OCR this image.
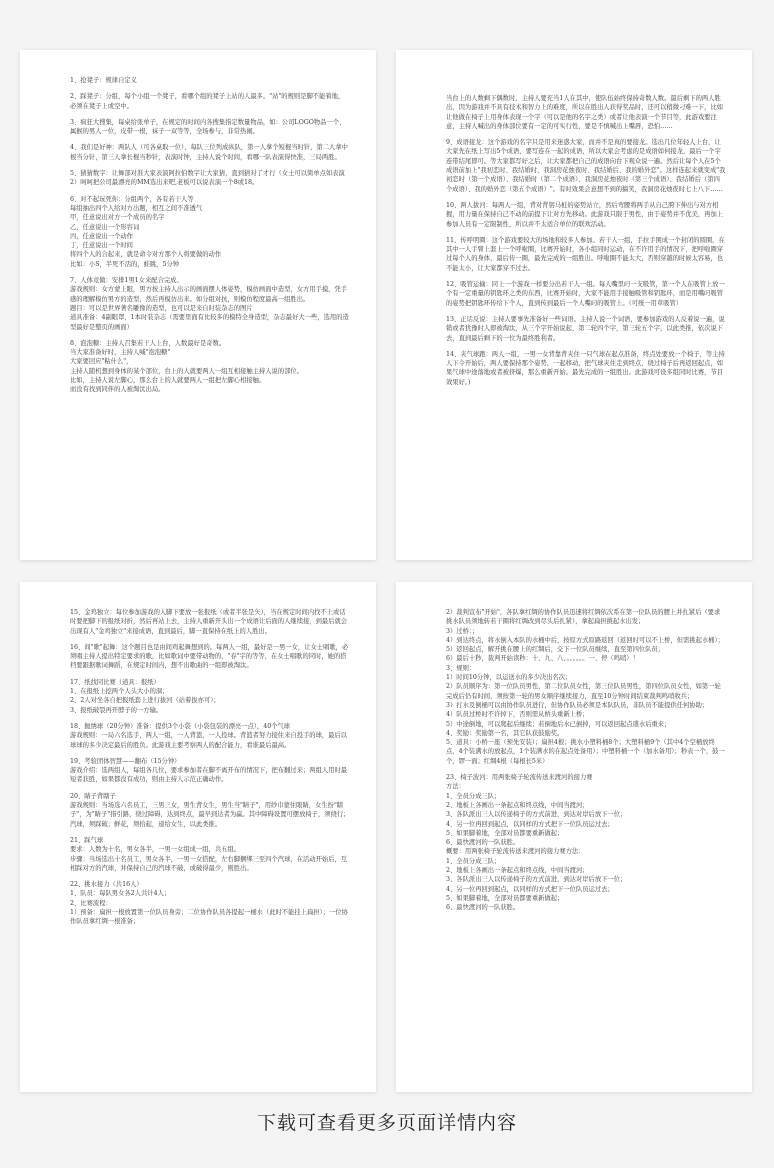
1、抢凳子：规律自定义

2、踩凳子：分组，每个小组一个凳子，看哪个组的凳子上站的人最多。"站"的规则是脚不能着地，必须在凳子上或空中。

3、疯狂大搜集，每桌给张单子，在规定的时间内各搜集指定数量物品，如：公司LOGO物品一个，属猴的男人一位，皮带一根，袜子一双等等，全场参与，非常热闹。

4、我们是好神：两队人（可各桌取一位），每队三位列成纵队，第一人拿个短棍当时针，第二人拿中根当分针，第三人拿长棍当秒针，表演时钟，主持人说个时间，看哪一队表演得快准，三局两胜。

5、猜猜数字：让舞部对准大家表演阿拉伯数字让大家猜，直到猜对了才行（女士可以简单点如表演2）呵呵把公司最漂亮的MM选出来吧,老板可以说表演一个8或18。

6、对不起玩死你：分组两个，各有若干人等
每组抽出四个人给对方出题，相互之间不准透气
甲，任意说出对方一个成员的名字
乙，任意说出一个形容词
丙，任意说出一个动作
丁，任意说出一个时间
将四个人的合起来，就是命令对方那个人将要做的动作
比如：小S，半死不活的，蛙跳，5分钟

7、人体竞做：安排1男1女来配合完成。
游戏规则：女方蒙上眼，男方按主持人出示的画面摆人体姿势，模仿画面中造型，女方用手摸，凭手感的理解模仿男方的造型，然后再模仿出来。如分组对抗，则模仿程度最高一组胜出。
题目：可以是世界著名雕像的造型，也可以是来自时装杂志的图片
道具准备：4副眼罩，1本时装杂志（需要里面有比较多的模特全身造型，杂志最好大一些，选用的造型最好是整页的画面）

8、泡泡糖：主持人召集若干人上台，人数最好是奇数。
当大家准备好时，主持人喊"泡泡糖"
大家要回应"粘什么"，
主持人随机想到身体的某个部位，台上的人就要两人一组互相接触主持人说的部位。
比如，主持人说左脚心，那么台上的人就要两人一组把左脚心相接触。
而没有找到同伴的人被淘汰出局。

当台上的人数剩下偶数时，主持人要充当1人在其中，使队伍始终保持奇数人数。最后剩下的两人胜出，因为游戏并不具有技术和智力上的难度，所以在胜出人获得奖品时，还可以稍微刁难一下，比如让他做在椅子上用身体表现一个字（可以是他的名字之类）或者让他表演一个节目等，此游戏要注意，主持人喊出的身体部位要有一定的可实行性，要是不慎喊出上嘴唇，恐怕……

9、成语接龙：这个游戏的名字只是用来迷惑大家，而并不是真的要接龙。选出几位年轻人上台，让大家先在纸上写出5个成语，要写连在一起的成语，所以大家会考虑的是成语如何接龙，最后一个字连带结尾即可。等大家都写好之后，让大家都把自己的成语向台下观众说一遍。然后让每个人在5个成语前加上"我初恋时、我结婚时、我洞房花烛夜时、我结婚后、我的婚外恋"。这样连起来就变成"我初恋时（第一个成语）、我结婚时（第二个成语）、我洞房花烛夜时（第三个成语）、我结婚后（第四个成语）、我的婚外恋（第五个成语）"。有时效果会意想不到的搞笑，我洞房花烛夜时七上八下……

10、两人拔河：每两人一组，背对背躬马桩的姿势站立，然后弯腰将两手从自己胯下伸出与对方相握，用力量在保持自己不动的前提下让对方先移动。此游戏只限于男性，由于姿势并不优美，再加上参加人员有一定限制性，所以并不太适合单位的联欢活动。

11、传呼明圈：这个游戏要较大的场地和较多人参加。若干人一组，手拉手围成一个封闭的圆圈，在其中一人手臂上套上一个呼啦圈，比赛开始时，各小组同时运动，在不许用手的情况下，把呼啦圈穿过每个人的身体，最后传一圈，最先完成的一组胜出。呼啦圈不能太大，否则穿越的时候太容易，也不能太小，让大家都穿不过去。

12、吸管运输：同上一个游戏一样要分出若干人一组。每人嘴里叼一支吸管，第一个人在吸管上放一个有一定重量的钥匙环之类的东西，比赛开始时，大家不能用手接触吸管和钥匙环，而是用嘴叼吸管的姿势把钥匙环传给下个人，直到传到最后一个人嘴叼的吸管上。（可统一用草吸管）

13、正话反说：主持人要事先准备好一些词语。主持人说一个词语，要参加游戏的人反着说一遍，说错或者犹豫时人即被淘汰，从三个字开始说起，第二轮四个字，第三轮五个字，以此类推，依次说下去，直到最后剩下的一位为最终胜利者。

14、夹气球跑：两人一组，一男一女背靠背夹住一只气球在起点准备，终点处要放一个椅子，等主持人下令开始后，两人要保持那个姿势，一起移动，把气球夹住走到终点，绕过椅子后再返回起点，如果气球中途落地或者被挤爆，那么重新开始。最先完成的一组胜出。此游戏可设多组同时比赛，节目效果好。)

15、金鸡独立：每位参加游戏的人脚下要放一张报纸（或者半张是矢），当在规定时间内找不上或话时要把脚下的报纸对折，然后再站上去，主持人重新开头出一个成语让后面的人继续接，到最后就会出现有人"金鸡独立"来接成语，直到最后，脚一直保持在纸上的人胜出。

16、间"歌"起舞：这个题目也是由间鸡起舞想到的。每两人一组，最好是一男一女，让女士唱歌，必须唱主持人提出特定要求的歌，比如歌词中要带动物的，"春"字的等等，在女士唱歌的同时，她的搭档要跟据歌词舞蹈，在规定时间内，想不出歌曲的一组即被淘汰。

17、纸找同比赛（道具：报纸）
1、在报纸上挖两个人头大小的洞；
2、2人对坐各自把报纸套上进行拔河（站着拔亦可）；
3、报纸破裂再开脖子的一方输。

18、抛绣球（20分钟）准备：提供3个小袋（小袋包装的漂亮一点），40个气球
游戏规则：一局六名选手，两人一组，一人背篮，一人投球。背篮者努力接住来自投手的球，最后以球球的多少决定最后的胜负。此游戏主要考察两人的配合能力，看谁最后最高。

19、考验团体智慧——翻布（15分钟）
游戏介绍：选两组人，每组各几位，要求参加者在脚不离开布的情况下，把布翻过来；两组人用时最短者获胜，如果都没有成功，则由主持人示范正确动作。

20、睛子背瞎子
游戏规则：当场选六名员工，三男三女，男生背女生，男生当"睛子"，用纱巾蒙住眼睛，女生扮"瞎子"，为"睛子"指引路，绕过障碍，达到终点，最早到达者为赢。其中障碍设置可摆放椅子，须绕行；汽球，须踩破；鲜花，须拾起，递给女生，以此类推。

21、踩气球
要求：人数为十名，男女各半，一男一女组成一组，共五组。
步骤：当场选出十名员工，男女各半，一男一女搭配，左右脚捆绑三至四个汽球，在活动开始后，互相踩对方的汽球，并保持自己的汽球不破，或破得最少，则胜出。

22、挑水接力（共16人）
1、队员：每队男女各2人共计4人；
2、比赛流程：
1）预备：扁担一根放置第一位队员身旁；二位协作队员各提起一桶水（此时不能挂上扁担）；一位协作队员拿红绸一根准备；

2）裁判宣布"开始"，各队拿红绸的协作队员迅速将红绸依次系在第一位队员的腰上并扎紧后（要求挑水队员须地转若干圈将红绸改到尽头后扎紧），拿起扁担挑起水出发；
3）过桥：；
4）到达终点，将水倒入本队的水桶中后，按原方式原路返回（返回时可以不上桥，但需挑起水桶）；
5）返回起点，解开挑在腰上的红绸后，交下一位队员继续，直至第四位队员；
6）最后十秒，裁判开始读秒：十、九、八、。。。。。。一、停（鸣哨）！
3、规则：
1）时间10分钟，以运送水的多少决出名次；
2）队员顺序为：第一位队员男性，第二位队员女性，第三位队员男性，第四位队员女性，如第一轮完成后仍有时间，须按第一轮的男女顺序继续接力，直至10分钟时间结束裁判鸣哨收兵；
3）打水及倒桶可以由协作队员进行，但协作队员必须是本队队员，非队员不能提供任何协助；
4）队员过桥时不许掉下，否则需从桥头重新上桥；
5）中途倒地，可以爬起后继续；若倒地后水已倒掉，可以返回起点盛水后重来；
4、奖励：奖励第一名，其它队获鼓励奖。
5、道具：小桥一座（预先安装）；扁担4根；挑水小塑料桶8个；大塑料桶9个（其中4个空桶放终点，4个装满水的放起点，1个装满水的在起点处备用）；中塑料桶一个（加水备用）；秒表一个，鼓一个，锣一面；红绸4根（每根长5米）

23、椅子波河：用两张椅子轮流传送来渡河的接力赛
方法：
1、全员分成三队；
2、地板上各画出一条起点和终点线，中间当渡河；
3、各队派出三人以传递椅子的方式前进，到达对岸后放下一位；
4、另一位再回到起点，以同样的方式把下一位队员运过去；
5、如果脚着地，全部对员都要重新做起；
6、最快渡河的一队获胜。
概要：用两张椅子轮流传送来渡河的接力赛方法：
1、全员分成三队；
2、地板上各画出一条起点和终点线，中间当渡河；
3、各队派出三人以传递椅子的方式前进，到达对岸后放下一位；
4、另一位再回到起点，以同样的方式把下一位队员运过去；
5、如果脚着地，全部对员都要重新做起；
6、最快渡河的一队获胜。

下载可查看更多页面详情内容
